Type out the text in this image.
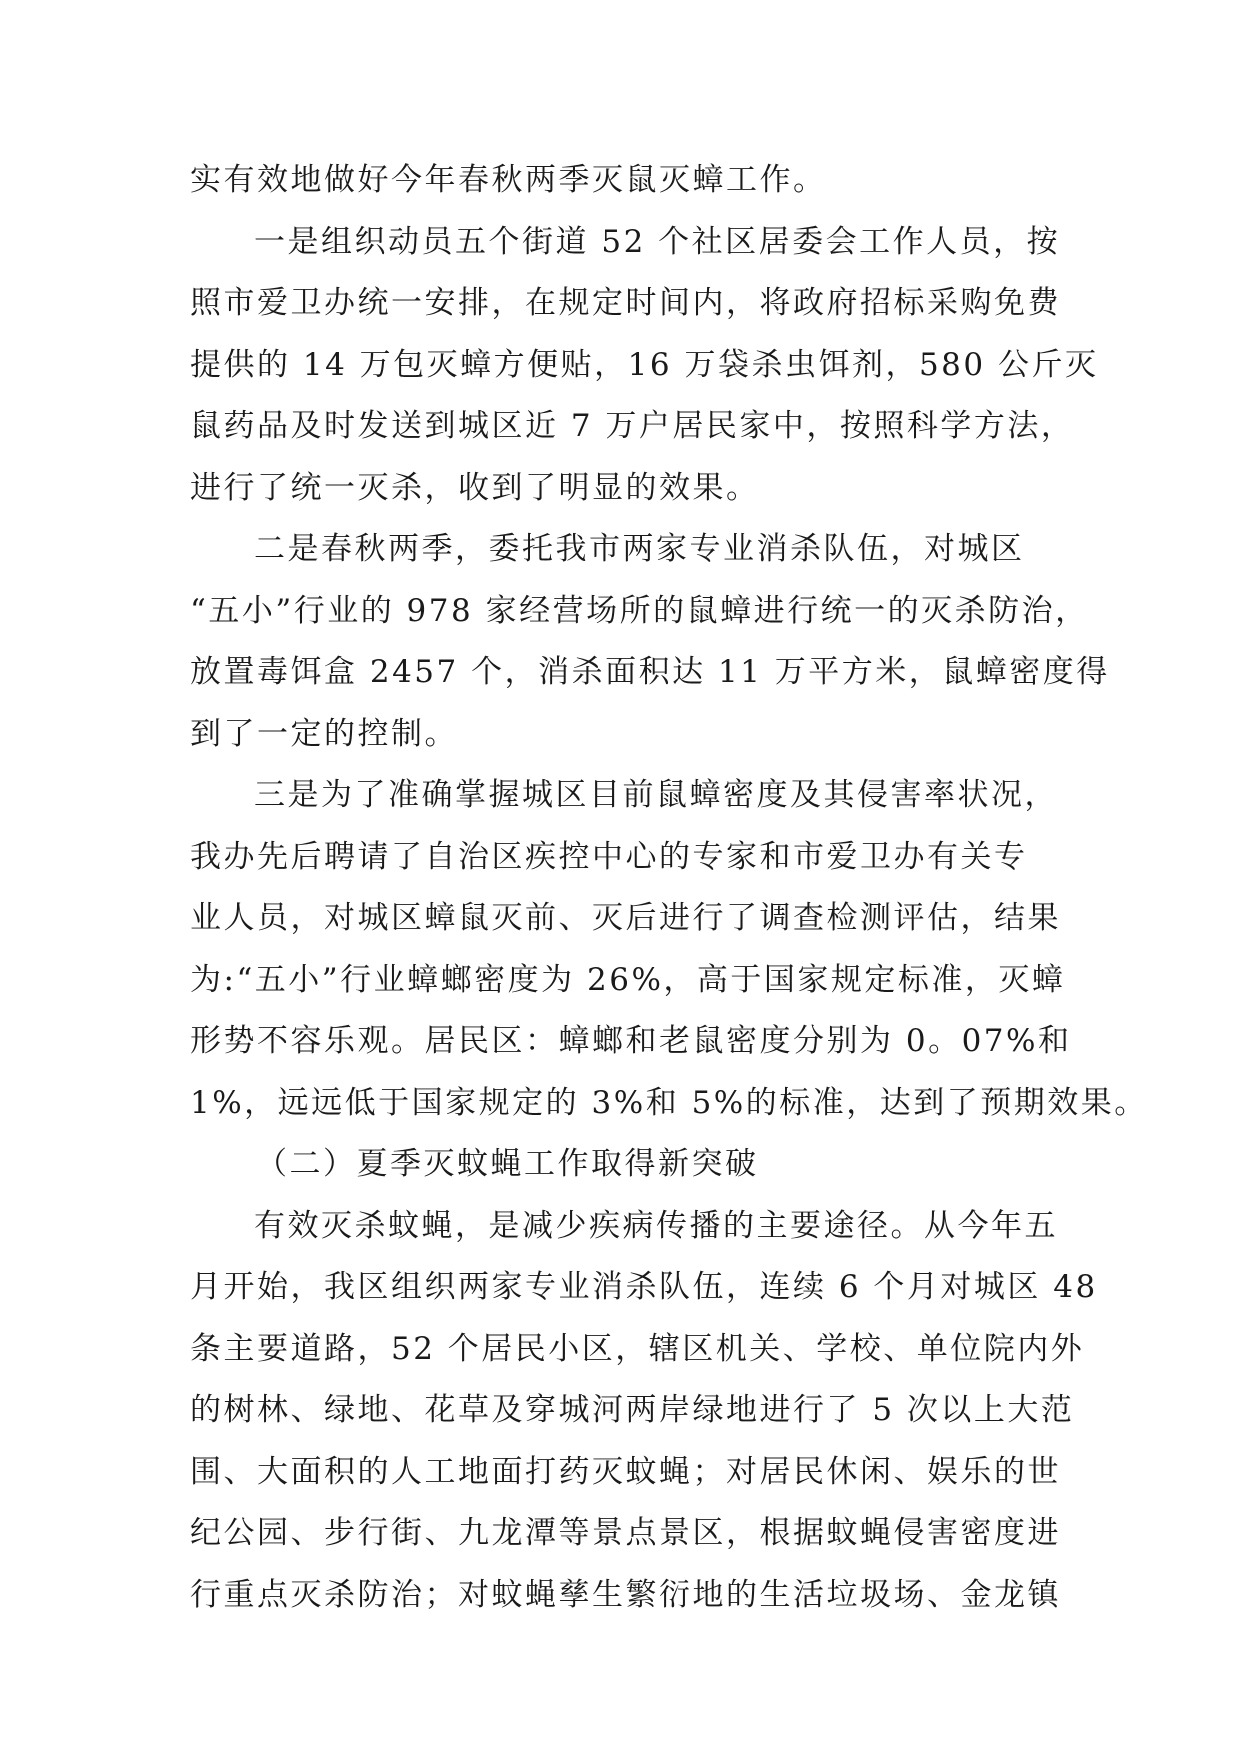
实有效地做好今年春秋两季灭鼠灭蟑工作。
一是组织动员五个街道 52 个社区居委会工作人员，按
照市爱卫办统一安排，在规定时间内，将政府招标采购免费
提供的 14 万包灭蟑方便贴，16 万袋杀虫饵剂，580 公斤灭
鼠药品及时发送到城区近 7 万户居民家中，按照科学方法，
进行了统一灭杀，收到了明显的效果。
二是春秋两季，委托我市两家专业消杀队伍，对城区
“五小”行业的 978 家经营场所的鼠蟑进行统一的灭杀防治，
放置毒饵盒 2457 个，消杀面积达 11 万平方米，鼠蟑密度得
到了一定的控制。
三是为了准确掌握城区目前鼠蟑密度及其侵害率状况，
我办先后聘请了自治区疾控中心的专家和市爱卫办有关专
业人员，对城区蟑鼠灭前、灭后进行了调查检测评估，结果
为:“五小”行业蟑螂密度为 26%，高于国家规定标准，灭蟑
形势不容乐观。居民区：蟑螂和老鼠密度分别为 0。07%和
1%，远远低于国家规定的 3%和 5%的标准，达到了预期效果。
（二）夏季灭蚊蝇工作取得新突破
有效灭杀蚊蝇，是减少疾病传播的主要途径。从今年五
月开始，我区组织两家专业消杀队伍，连续 6 个月对城区 48
条主要道路，52 个居民小区，辖区机关、学校、单位院内外
的树林、绿地、花草及穿城河两岸绿地进行了 5 次以上大范
围、大面积的人工地面打药灭蚊蝇；对居民休闲、娱乐的世
纪公园、步行街、九龙潭等景点景区，根据蚊蝇侵害密度进
行重点灭杀防治；对蚊蝇孳生繁衍地的生活垃圾场、金龙镇
